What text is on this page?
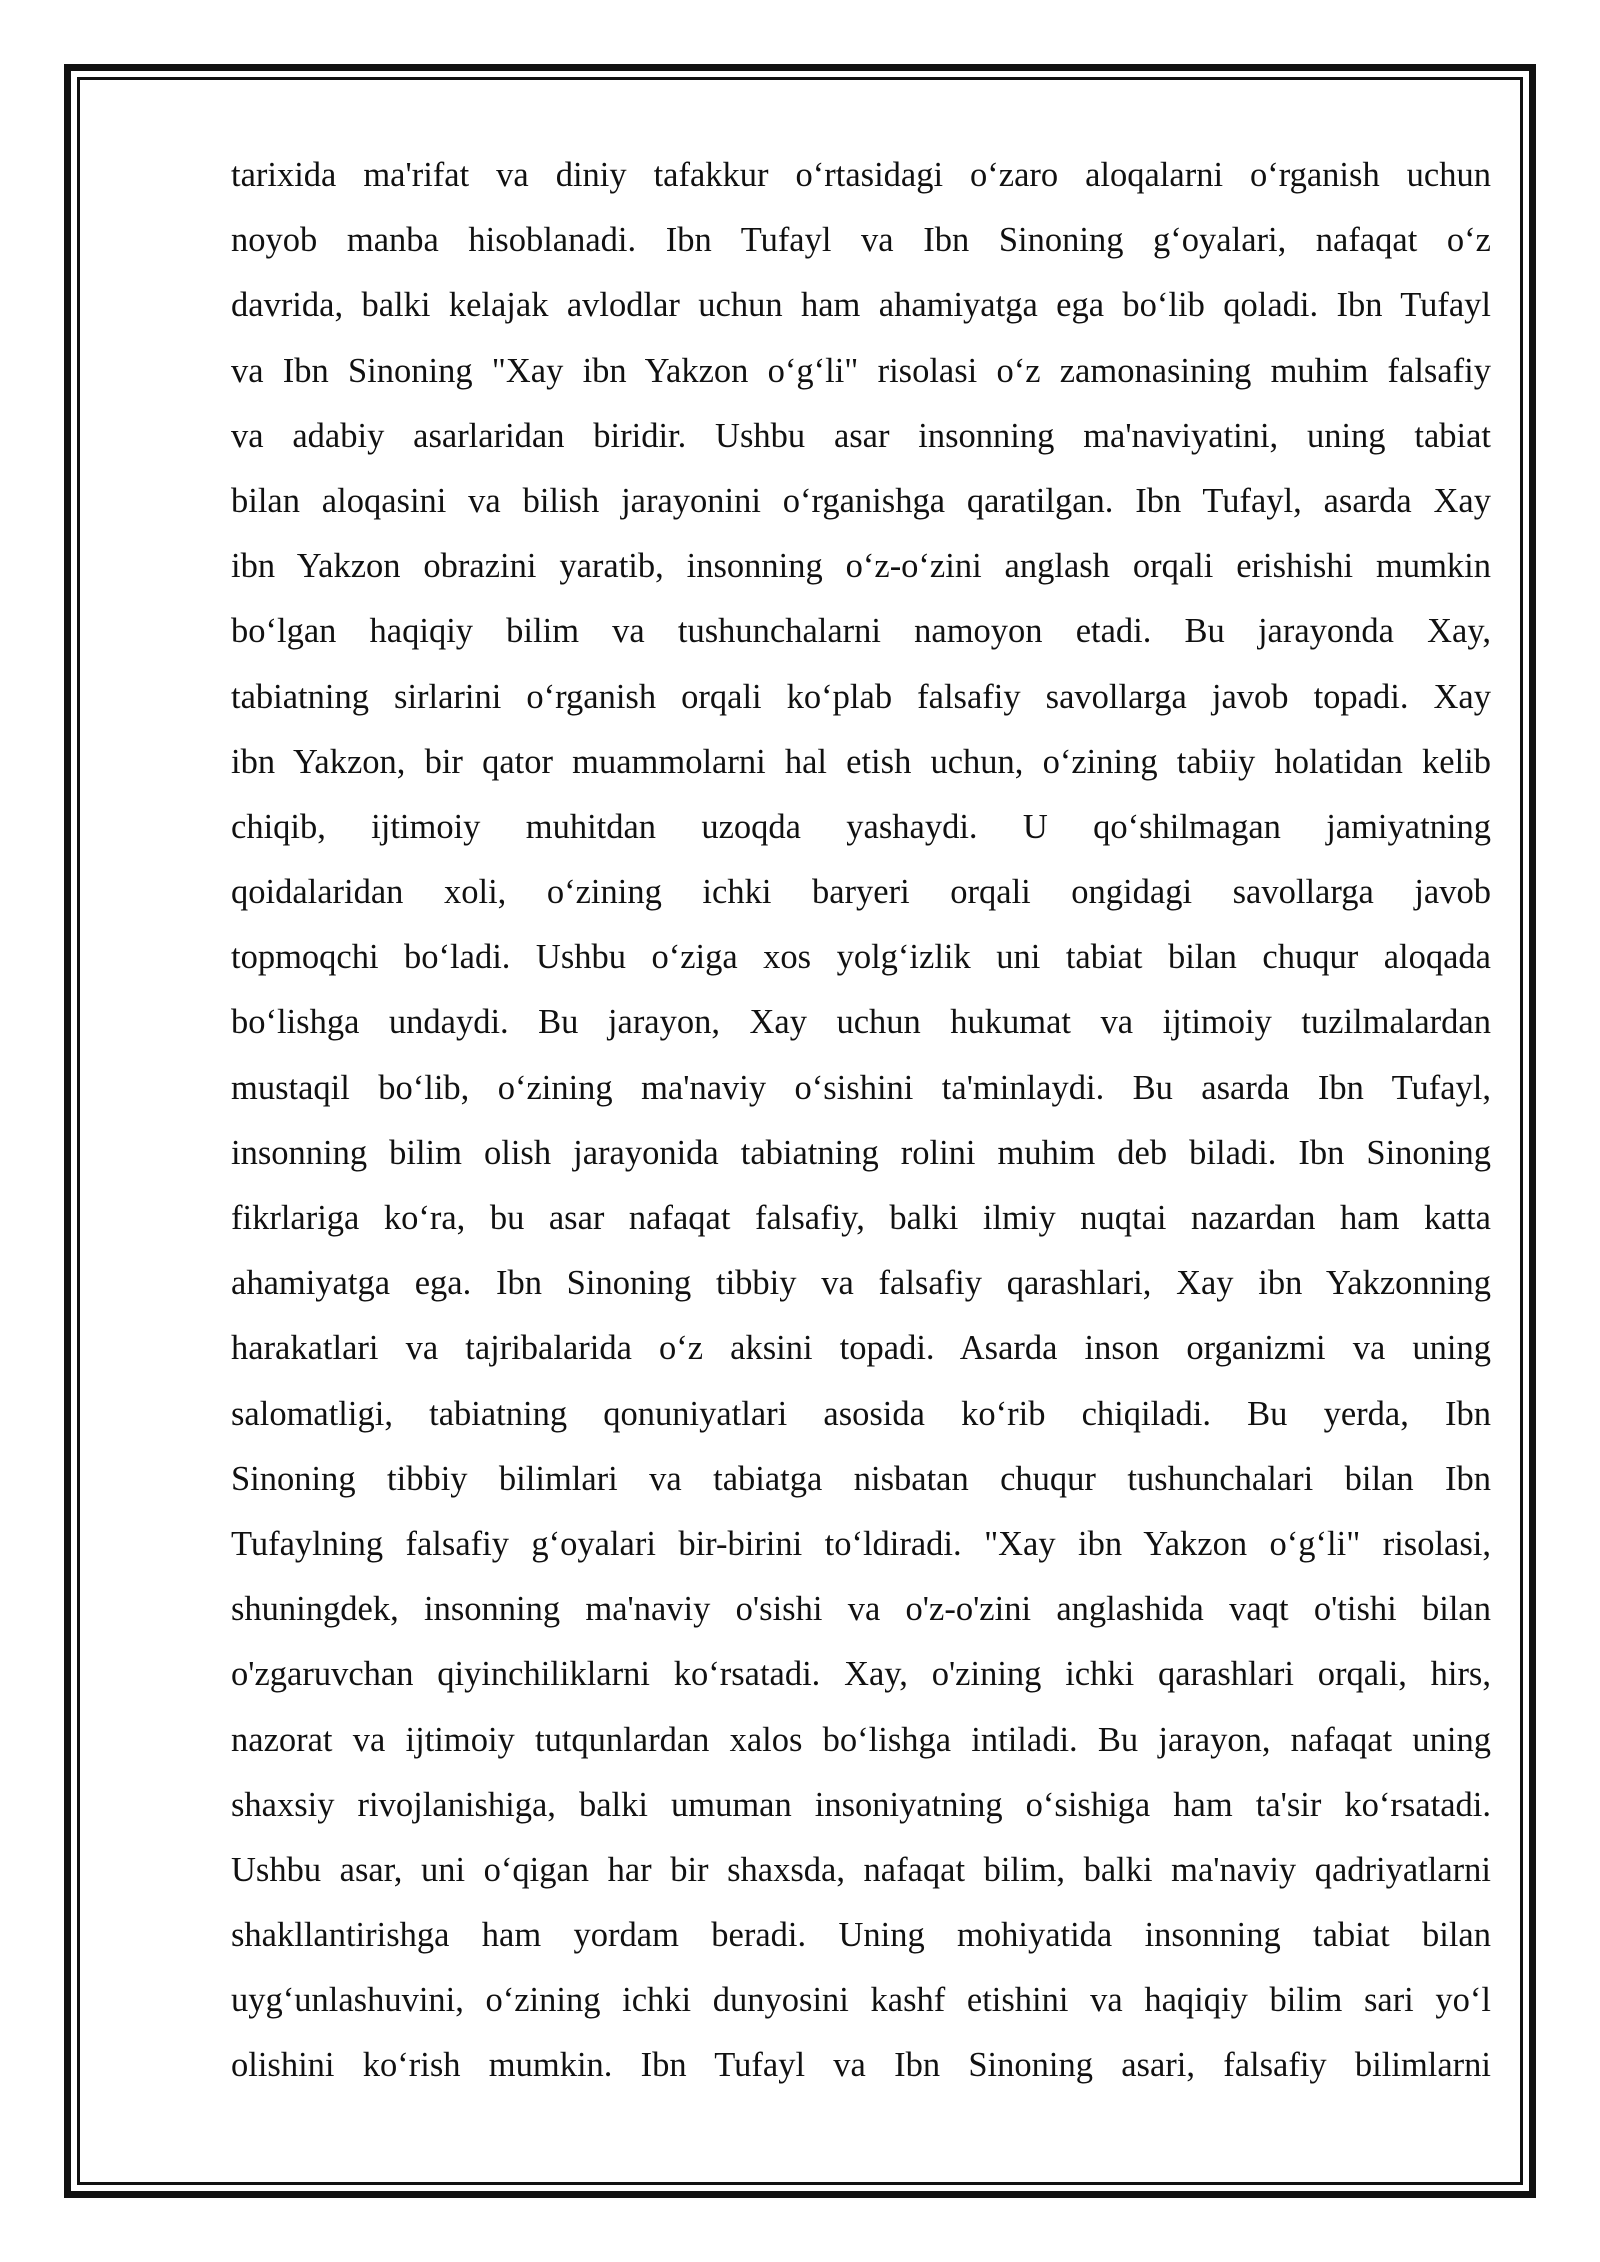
tarixida ma'rifat va diniy tafakkur o‘rtasidagi o‘zaro aloqalarni o‘rganish uchun
noyob manba hisoblanadi. Ibn Tufayl va Ibn Sinoning g‘oyalari, nafaqat o‘z
davrida, balki kelajak avlodlar uchun ham ahamiyatga ega bo‘lib qoladi. Ibn Tufayl
va Ibn Sinoning "Xay ibn Yakzon o‘g‘li" risolasi o‘z zamonasining muhim falsafiy
va adabiy asarlaridan biridir. Ushbu asar insonning ma'naviyatini, uning tabiat
bilan aloqasini va bilish jarayonini o‘rganishga qaratilgan. Ibn Tufayl, asarda Xay
ibn Yakzon obrazini yaratib, insonning o‘z-o‘zini anglash orqali erishishi mumkin
bo‘lgan haqiqiy bilim va tushunchalarni namoyon etadi. Bu jarayonda Xay,
tabiatning sirlarini o‘rganish orqali ko‘plab falsafiy savollarga javob topadi. Xay
ibn Yakzon, bir qator muammolarni hal etish uchun, o‘zining tabiiy holatidan kelib
chiqib, ijtimoiy muhitdan uzoqda yashaydi. U qo‘shilmagan jamiyatning
qoidalaridan xoli, o‘zining ichki baryeri orqali ongidagi savollarga javob
topmoqchi bo‘ladi. Ushbu o‘ziga xos yolg‘izlik uni tabiat bilan chuqur aloqada
bo‘lishga undaydi. Bu jarayon, Xay uchun hukumat va ijtimoiy tuzilmalardan
mustaqil bo‘lib, o‘zining ma'naviy o‘sishini ta'minlaydi. Bu asarda Ibn Tufayl,
insonning bilim olish jarayonida tabiatning rolini muhim deb biladi. Ibn Sinoning
fikrlariga ko‘ra, bu asar nafaqat falsafiy, balki ilmiy nuqtai nazardan ham katta
ahamiyatga ega. Ibn Sinoning tibbiy va falsafiy qarashlari, Xay ibn Yakzonning
harakatlari va tajribalarida o‘z aksini topadi. Asarda inson organizmi va uning
salomatligi, tabiatning qonuniyatlari asosida ko‘rib chiqiladi. Bu yerda, Ibn
Sinoning tibbiy bilimlari va tabiatga nisbatan chuqur tushunchalari bilan Ibn
Tufaylning falsafiy g‘oyalari bir-birini to‘ldiradi. "Xay ibn Yakzon o‘g‘li" risolasi,
shuningdek, insonning ma'naviy o'sishi va o'z-o'zini anglashida vaqt o'tishi bilan
o'zgaruvchan qiyinchiliklarni ko‘rsatadi. Xay, o'zining ichki qarashlari orqali, hirs,
nazorat va ijtimoiy tutqunlardan xalos bo‘lishga intiladi. Bu jarayon, nafaqat uning
shaxsiy rivojlanishiga, balki umuman insoniyatning o‘sishiga ham ta'sir ko‘rsatadi.
Ushbu asar, uni o‘qigan har bir shaxsda, nafaqat bilim, balki ma'naviy qadriyatlarni
shakllantirishga ham yordam beradi. Uning mohiyatida insonning tabiat bilan
uyg‘unlashuvini, o‘zining ichki dunyosini kashf etishini va haqiqiy bilim sari yo‘l
olishini ko‘rish mumkin. Ibn Tufayl va Ibn Sinoning asari, falsafiy bilimlarni
